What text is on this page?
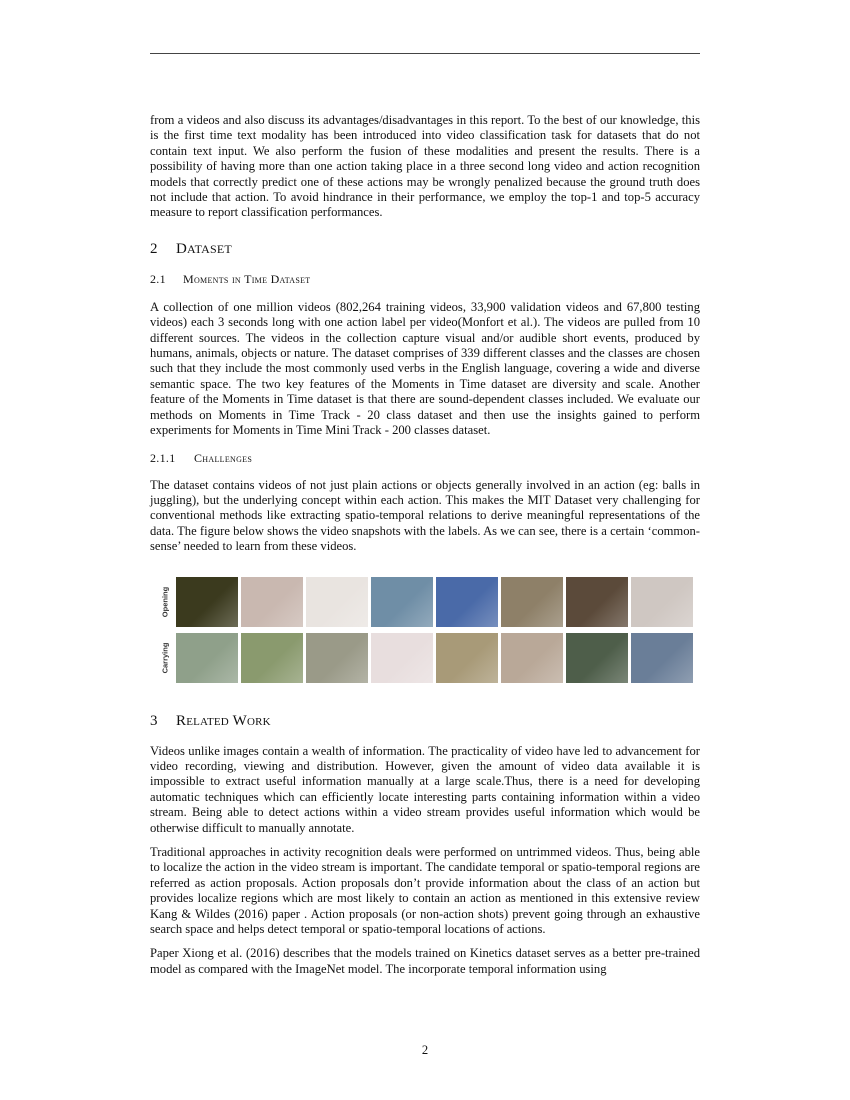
from a videos and also discuss its advantages/disadvantages in this report. To the best of our knowledge, this is the first time text modality has been introduced into video classification task for datasets that do not contain text input. We also perform the fusion of these modalities and present the results. There is a possibility of having more than one action taking place in a three second long video and action recognition models that correctly predict one of these actions may be wrongly penalized because the ground truth does not include that action. To avoid hindrance in their performance, we employ the top-1 and top-5 accuracy measure to report classification performances.

2 DATASET
2.1 Moments in Time Dataset

A collection of one million videos (802,264 training videos, 33,900 validation videos and 67,800 testing videos) each 3 seconds long with one action label per video(Monfort et al.). The videos are pulled from 10 different sources. The videos in the collection capture visual and/or audible short events, produced by humans, animals, objects or nature. The dataset comprises of 339 different classes and the classes are chosen such that they include the most commonly used verbs in the English language, covering a wide and diverse semantic space. The two key features of the Moments in Time dataset are diversity and scale. Another feature of the Moments in Time dataset is that there are sound-dependent classes included. We evaluate our methods on Moments in Time Track - 20 class dataset and then use the insights gained to perform experiments for Moments in Time Mini Track - 200 classes dataset.

2.1.1 Challenges

The dataset contains videos of not just plain actions or objects generally involved in an action (eg: balls in juggling), but the underlying concept within each action. This makes the MIT Dataset very challenging for conventional methods like extracting spatio-temporal relations to derive meaningful representations of the data. The figure below shows the video snapshots with the labels. As we can see, there is a certain ‘common-sense’ needed to learn from these videos.

Opening
Carrying
3 Related Work

Videos unlike images contain a wealth of information. The practicality of video have led to advancement for video recording, viewing and distribution. However, given the amount of video data available it is impossible to extract useful information manually at a large scale.Thus, there is a need for developing automatic techniques which can efficiently locate interesting parts containing information within a video stream. Being able to detect actions within a video stream provides useful information which would be otherwise difficult to manually annotate.

Traditional approaches in activity recognition deals were performed on untrimmed videos. Thus, being able to localize the action in the video stream is important. The candidate temporal or spatio-temporal regions are referred as action proposals. Action proposals don’t provide information about the class of an action but provides localize regions which are most likely to contain an action as mentioned in this extensive review Kang & Wildes (2016) paper . Action proposals (or non-action shots) prevent going through an exhaustive search space and helps detect temporal or spatio-temporal locations of actions.

Paper Xiong et al. (2016) describes that the models trained on Kinetics dataset serves as a better pre-trained model as compared with the ImageNet model. The incorporate temporal information using

2
